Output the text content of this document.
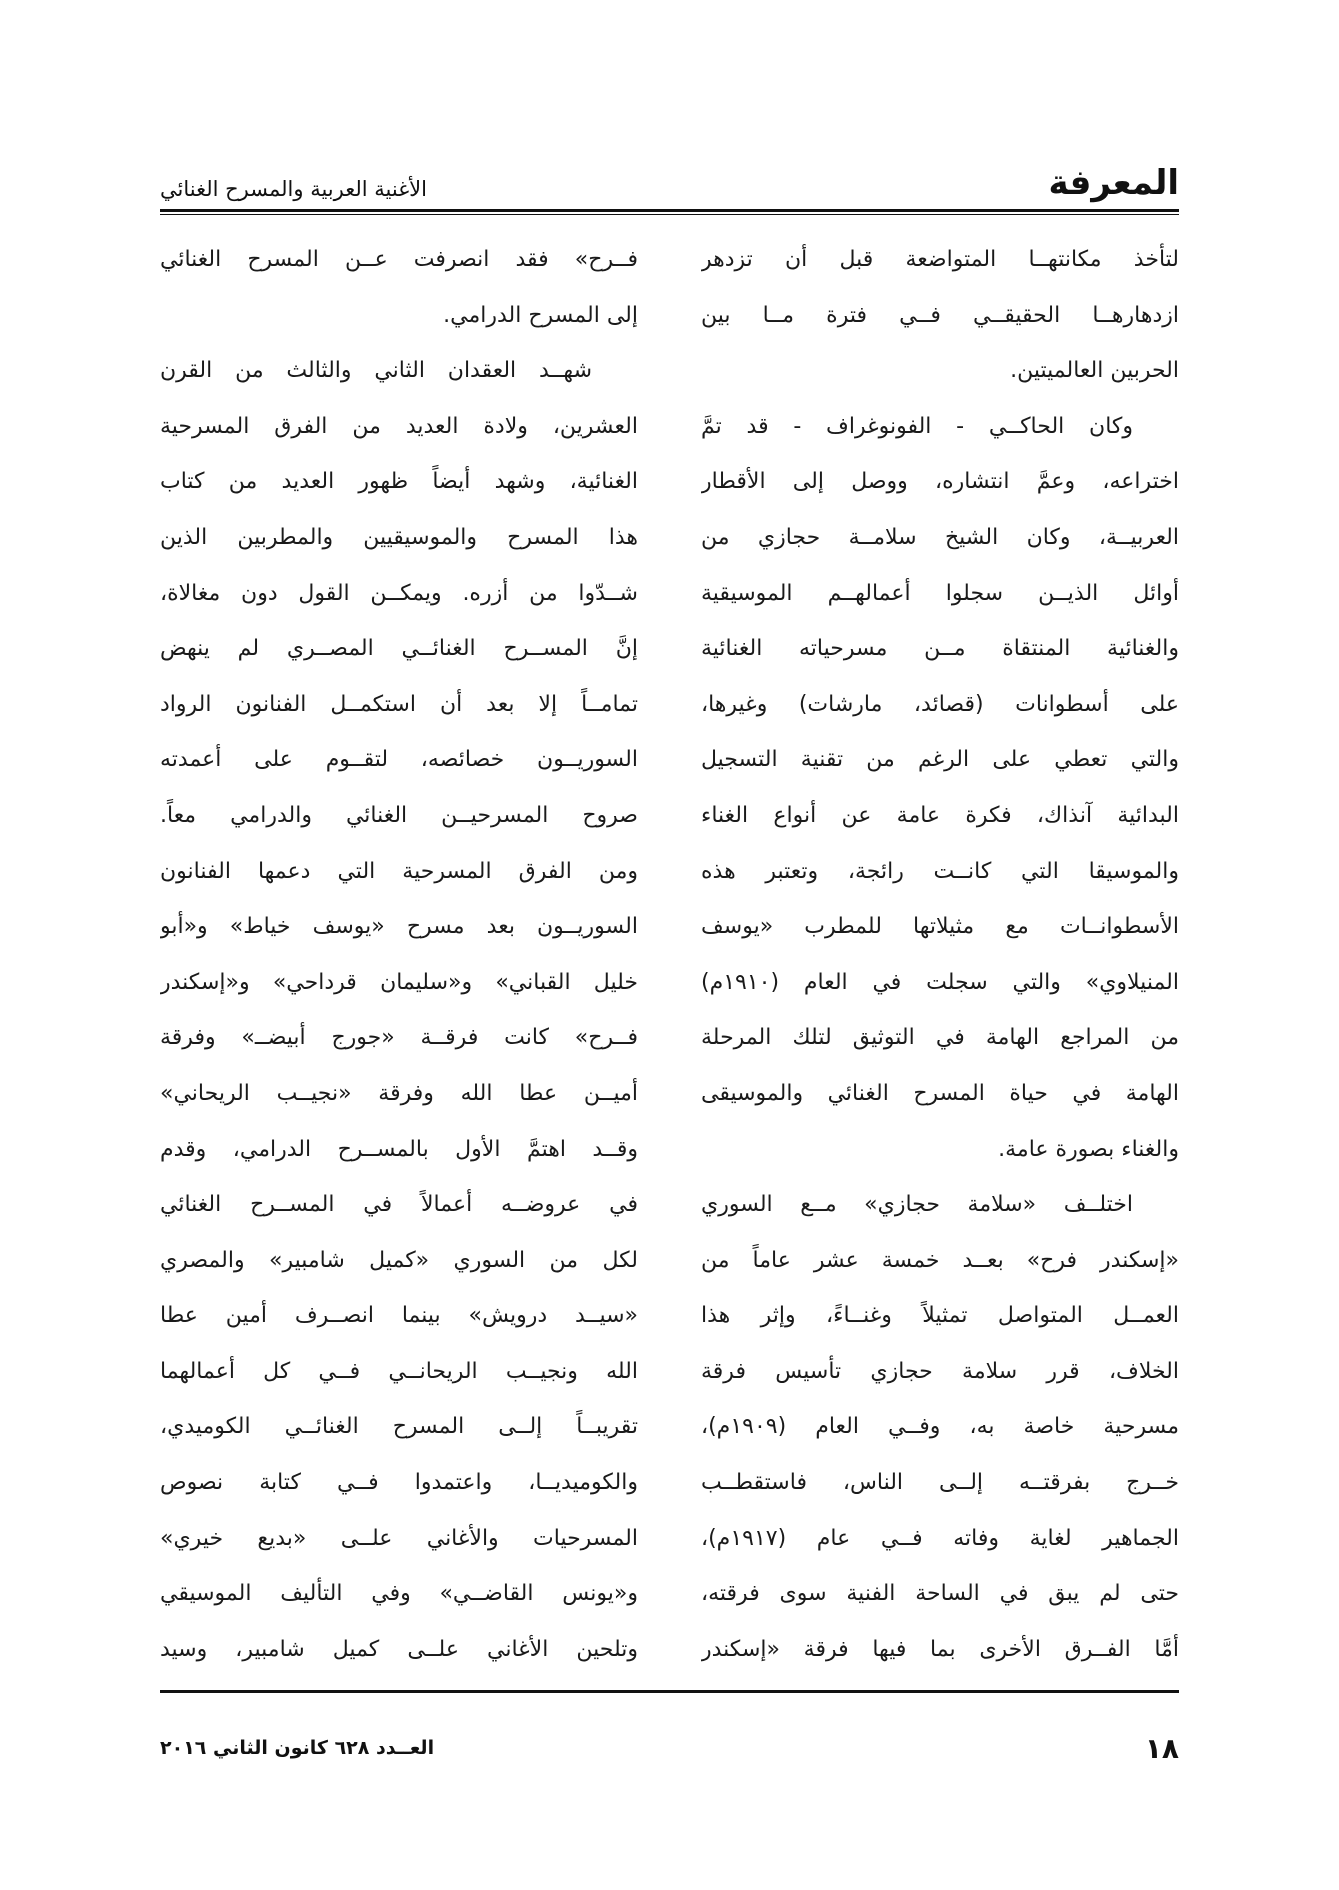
المعرفة
الأغنية العربية والمسرح الغنائي
لتأخذ مكانتهــا المتواضعة قبل أن تزدهر
ازدهارهــا الحقيقــي فــي فترة مــا بين
الحربين العالميتين.
وكان الحاكــي - الفونوغراف - قد تمَّ
اختراعه، وعمَّ انتشاره، ووصل إلى الأقطار
العربيــة، وكان الشيخ سلامــة حجازي من
أوائل الذيــن سجلوا أعمالهــم الموسيقية
والغنائية المنتقاة مــن مسرحياته الغنائية
على أسطوانات (قصائد، مارشات) وغيرها،
والتي تعطي على الرغم من تقنية التسجيل
البدائية آنذاك، فكرة عامة عن أنواع الغناء
والموسيقا التي كانــت رائجة، وتعتبر هذه
الأسطوانــات مع مثيلاتها للمطرب «يوسف
المنيلاوي» والتي سجلت في العام (١٩١٠م)
من المراجع الهامة في التوثيق لتلك المرحلة
الهامة في حياة المسرح الغنائي والموسيقى
والغناء بصورة عامة.
اختلــف «سلامة حجازي» مــع السوري
«إسكندر فرح» بعــد خمسة عشر عاماً من
العمــل المتواصل تمثيلاً وغنــاءً، وإثر هذا
الخلاف، قرر سلامة حجازي تأسيس فرقة
مسرحية خاصة به، وفــي العام (١٩٠٩م)،
خــرج بفرقتــه إلــى الناس، فاستقطــب
الجماهير لغاية وفاته فــي عام (١٩١٧م)،
حتى لم يبق في الساحة الفنية سوى فرقته،
أمَّا الفــرق الأخرى بما فيها فرقة «إسكندر
فــرح» فقد انصرفت عــن المسرح الغنائي
إلى المسرح الدرامي.
شهــد العقدان الثاني والثالث من القرن
العشرين، ولادة العديد من الفرق المسرحية
الغنائية، وشهد أيضاً ظهور العديد من كتاب
هذا المسرح والموسيقيين والمطربين الذين
شــدّوا من أزره. ويمكــن القول دون مغالاة،
إنَّ المســرح الغنائــي المصــري لم ينهض
تمامــاً إلا بعد أن استكمــل الفنانون الرواد
السوريــون خصائصه، لتقــوم على أعمدته
صروح المسرحيــن الغنائي والدرامي معاً.
ومن الفرق المسرحية التي دعمها الفنانون
السوريــون بعد مسرح «يوسف خياط» و«أبو
خليل القباني» و«سليمان قرداحي» و«إسكندر
فــرح» كانت فرقــة «جورج أبيضــ» وفرقة
أميــن عطا الله وفرقة «نجيــب الريحاني»
وقــد اهتمَّ الأول بالمســرح الدرامي، وقدم
في عروضــه أعمالاً في المســرح الغنائي
لكل من السوري «كميل شامبير» والمصري
«سيــد درويش» بينما انصــرف أمين عطا
الله ونجيــب الريحانــي فــي كل أعمالهما
تقريبــاً إلــى المسرح الغنائــي الكوميدي،
والكوميديــا، واعتمدوا فــي كتابة نصوص
المسرحيات والأغاني علــى «بديع خيري»
و«يونس القاضــي» وفي التأليف الموسيقي
وتلحين الأغاني علــى كميل شامبير، وسيد
١٨
العــدد ٦٢٨ كانون الثاني ٢٠١٦
